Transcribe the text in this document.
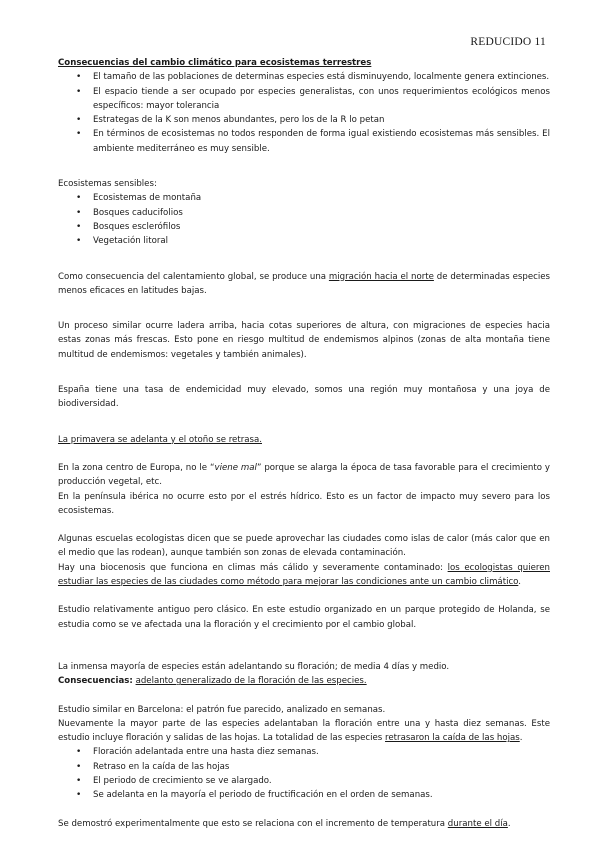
REDUCIDO 11

Consecuencias del cambio climático para ecosistemas terrestres

• El tamaño de las poblaciones de determinas especies está disminuyendo, localmente genera extinciones.
• El espacio tiende a ser ocupado por especies generalistas, con unos requerimientos ecológicos menos específicos: mayor tolerancia
• Estrategas de la K son menos abundantes, pero los de la R lo petan
• En términos de ecosistemas no todos responden de forma igual existiendo ecosistemas más sensibles. El ambiente mediterráneo es muy sensible.

Ecosistemas sensibles:

• Ecosistemas de montaña
• Bosques caducifolios
• Bosques esclerófilos
• Vegetación litoral

Como consecuencia del calentamiento global, se produce una migración hacia el norte de determinadas especies menos eficaces en latitudes bajas.

Un proceso similar ocurre ladera arriba, hacia cotas superiores de altura, con migraciones de especies hacia estas zonas más frescas. Esto pone en riesgo multitud de endemismos alpinos (zonas de alta montaña tiene multitud de endemismos: vegetales y también animales).

España tiene una tasa de endemicidad muy elevado, somos una región muy montañosa y una joya de biodiversidad.

La primavera se adelanta y el otoño se retrasa.

En la zona centro de Europa, no le “viene mal” porque se alarga la época de tasa favorable para el crecimiento y producción vegetal, etc.

En la península ibérica no ocurre esto por el estrés hídrico. Esto es un factor de impacto muy severo para los ecosistemas.

Algunas escuelas ecologistas dicen que se puede aprovechar las ciudades como islas de calor (más calor que en el medio que las rodean), aunque también son zonas de elevada contaminación.

Hay una biocenosis que funciona en climas más cálido y severamente contaminado: los ecologistas quieren estudiar las especies de las ciudades como método para mejorar las condiciones ante un cambio climático.

Estudio relativamente antiguo pero clásico. En este estudio organizado en un parque protegido de Holanda, se estudia como se ve afectada una la floración y el crecimiento por el cambio global.

La inmensa mayoría de especies están adelantando su floración; de media 4 días y medio.

Consecuencias: adelanto generalizado de la floración de las especies.

Estudio similar en Barcelona: el patrón fue parecido, analizado en semanas.

Nuevamente la mayor parte de las especies adelantaban la floración entre una y hasta diez semanas. Este estudio incluye floración y salidas de las hojas. La totalidad de las especies retrasaron la caída de las hojas.

• Floración adelantada entre una hasta diez semanas.
• Retraso en la caída de las hojas
• El periodo de crecimiento se ve alargado.
• Se adelanta en la mayoría el periodo de fructificación en el orden de semanas.

Se demostró experimentalmente que esto se relaciona con el incremento de temperatura durante el día.
